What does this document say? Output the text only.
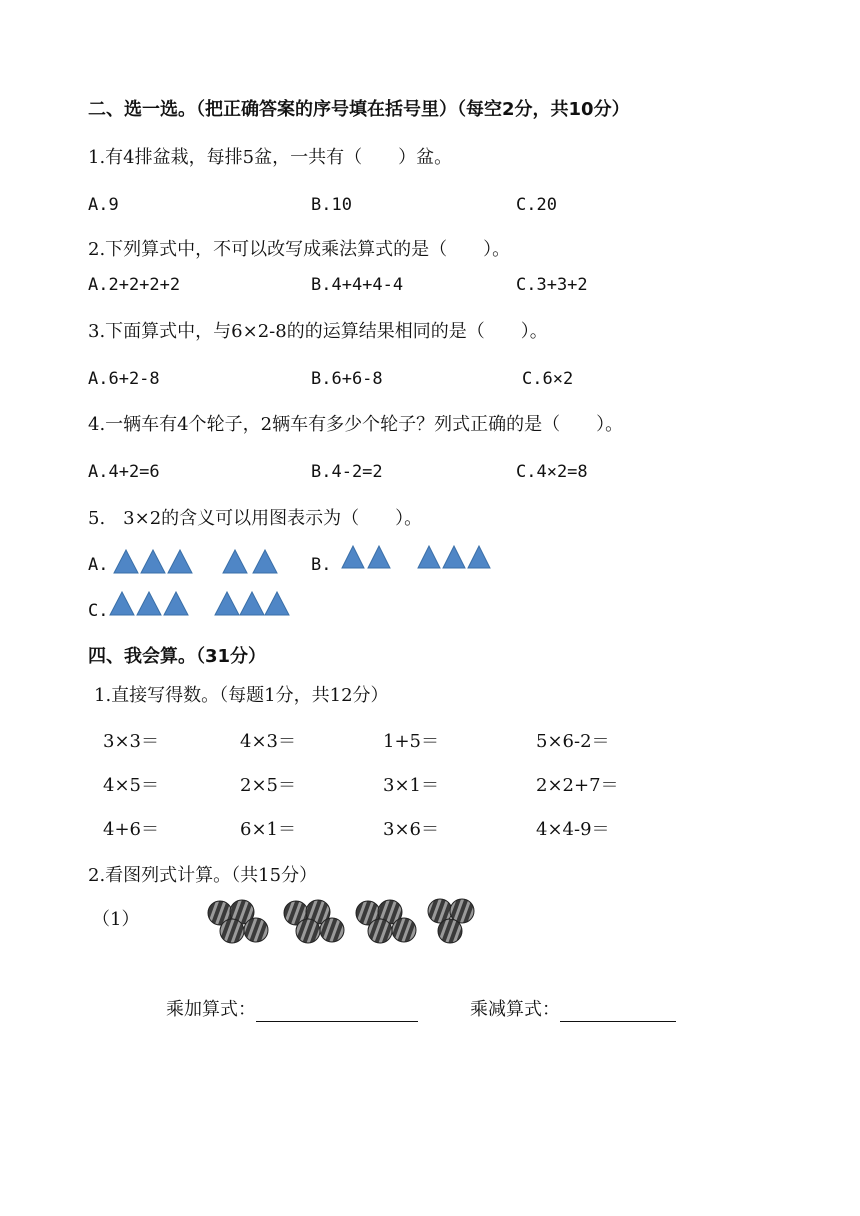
二、选一选。（把正确答案的序号填在括号里）（每空2分，共10分）
1.有4排盆栽，每排5盆，一共有（　　）盆。
A.9	B.10	C.20
2.下列算式中，不可以改写成乘法算式的是（　　）。
A.2+2+2+2	B.4+4+4-4	C.3+3+2
3.下面算式中，与6×2-8的的运算结果相同的是（　　）。
A.6+2-8	B.6+6-8	C.6×2
4.一辆车有4个轮子，2辆车有多少个轮子？列式正确的是（　　）。
A.4+2=6	B.4-2=2	C.4×2=8
5.　3×2的含义可以用图表示为（　　）。
A.	B.
C.
四、我会算。（31分）
1.直接写得数。（每题1分，共12分）
3×3＝	4×3＝	1+5＝	5×6-2＝
4×5＝	2×5＝	3×1＝	2×2+7＝
4+6＝	6×1＝	3×6＝	4×4-9＝
2.看图列式计算。（共15分）
（1）
乘加算式：	乘减算式：
